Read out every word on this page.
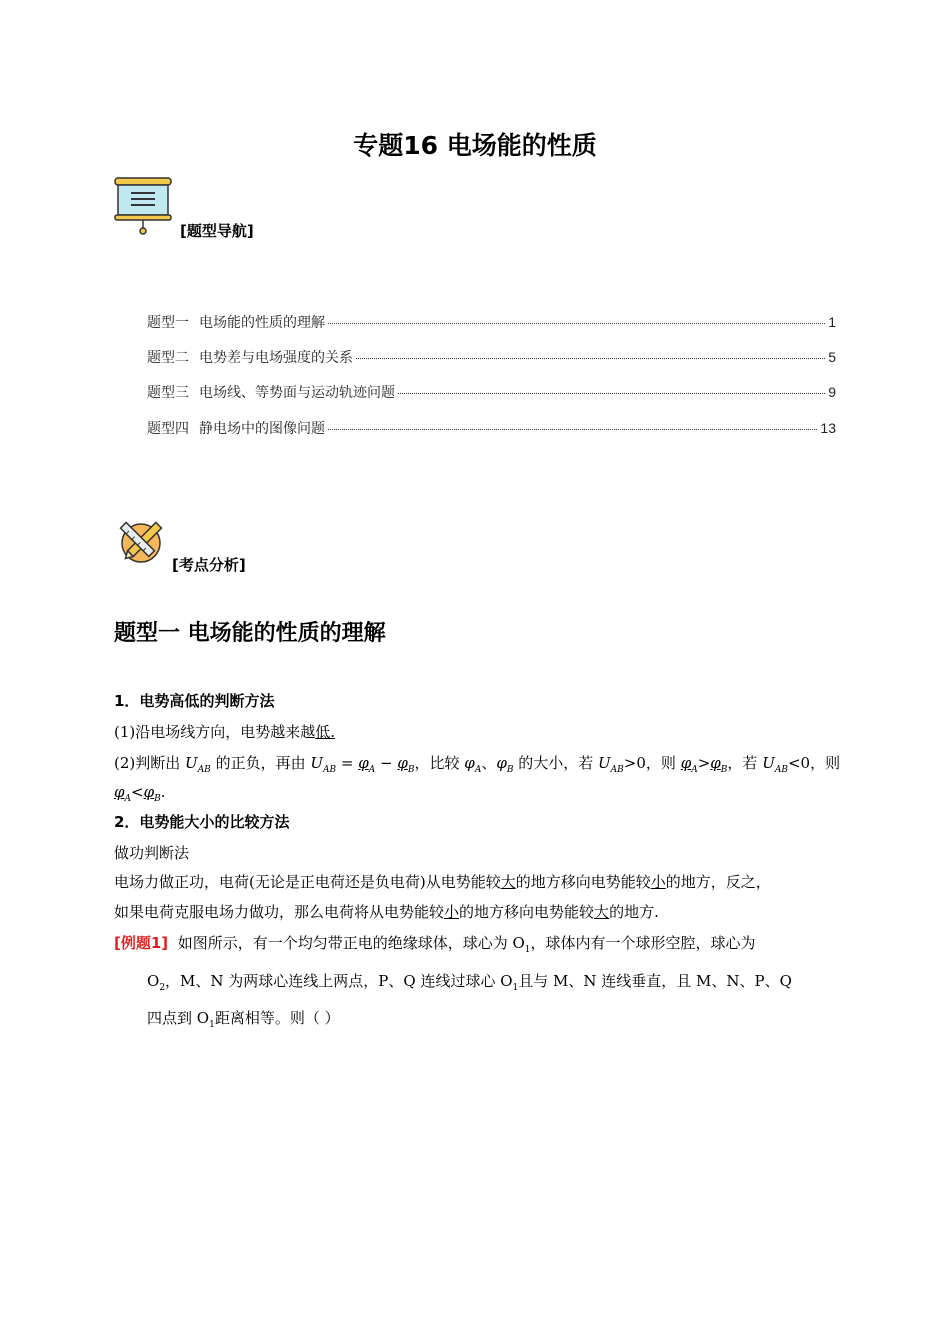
专题16 电场能的性质
[题型导航]
题型一 电场能的性质的理解	1
题型二 电势差与电场强度的关系	5
题型三 电场线、等势面与运动轨迹问题	9
题型四 静电场中的图像问题	13
[考点分析]
题型一 电场能的性质的理解
1．电势高低的判断方法
(1)沿电场线方向，电势越来越低.
(2)判断出 $U_{AB}$ 的正负，再由 $U_{AB} = \varphi_A - \varphi_B$，比较 $\varphi_A$、$\varphi_B$ 的大小，若 $U_{AB}>0$，则 $\varphi_A>\varphi_B$，若 $U_{AB}<0$，则
$\varphi_A<\varphi_B$.
2．电势能大小的比较方法
做功判断法
电场力做正功，电荷(无论是正电荷还是负电荷)从电势能较大的地方移向电势能较小的地方，反之，
如果电荷克服电场力做功，那么电荷将从电势能较小的地方移向电势能较大的地方.
[例题1] 如图所示，有一个均匀带正电的绝缘球体，球心为 $O_1$，球体内有一个球形空腔，球心为
$O_2$，M、N 为两球心连线上两点，P、Q 连线过球心 $O_1$且与 M、N 连线垂直，且 M、N、P、Q
四点到 $O_1$距离相等。则（ ）
